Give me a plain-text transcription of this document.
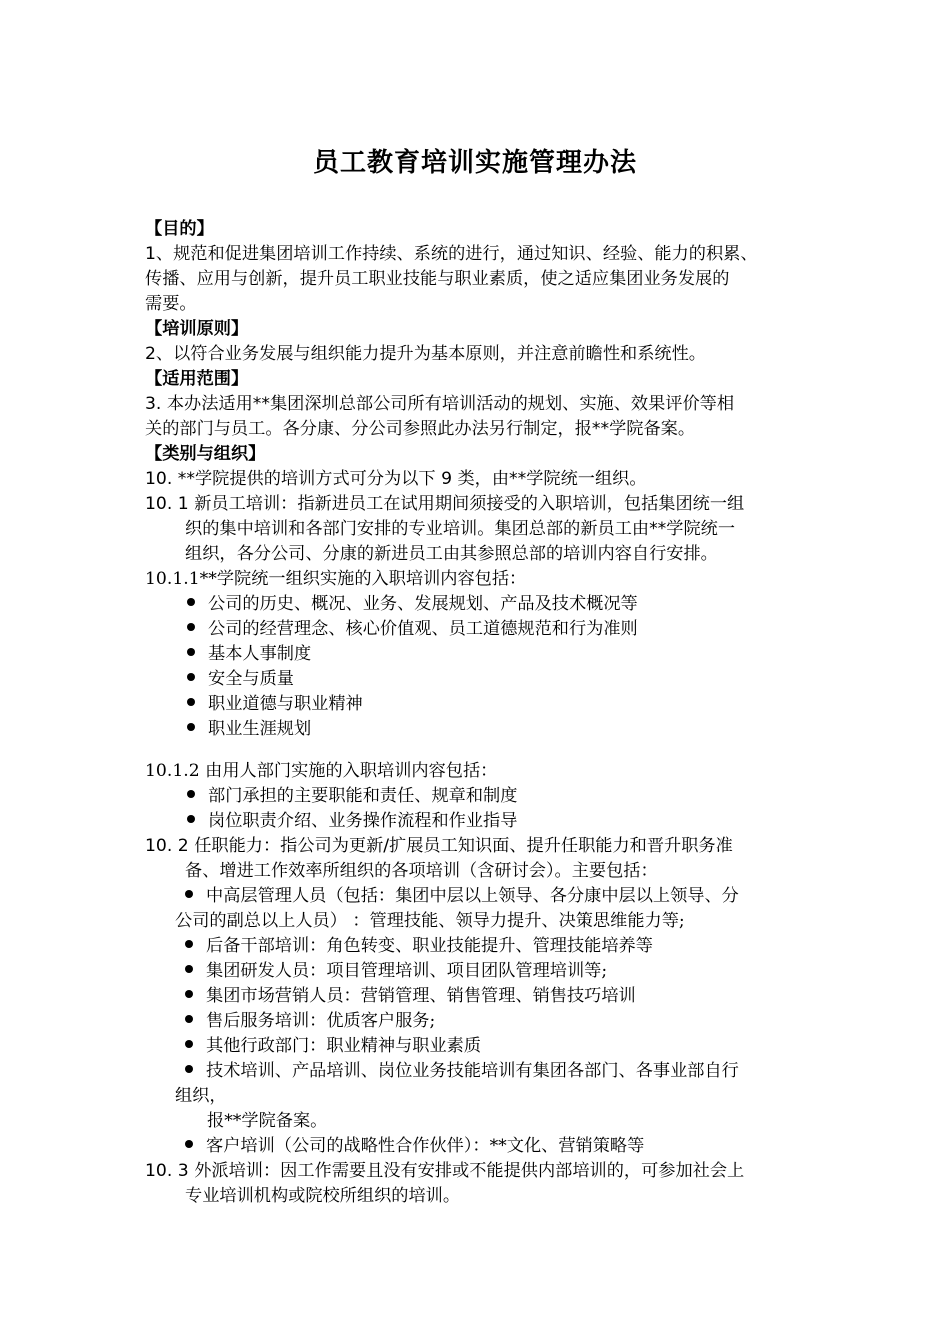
员工教育培训实施管理办法
【目的】
1、规范和促进集团培训工作持续、系统的进行，通过知识、经验、能力的积累、
传播、应用与创新，提升员工职业技能与职业素质，使之适应集团业务发展的
需要。
【培训原则】
2、以符合业务发展与组织能力提升为基本原则，并注意前瞻性和系统性。
【适用范围】
3. 本办法适用**集团深圳总部公司所有培训活动的规划、实施、效果评价等相
关的部门与员工。各分康、分公司参照此办法另行制定，报**学院备案。
【类别与组织】
10. **学院提供的培训方式可分为以下 9 类，由**学院统一组织。
10. 1 新员工培训：指新进员工在试用期间须接受的入职培训，包括集团统一组
织的集中培训和各部门安排的专业培训。集团总部的新员工由**学院统一
组织，各分公司、分康的新进员工由其参照总部的培训内容自行安排。
10.1.1**学院统一组织实施的入职培训内容包括：
公司的历史、概况、业务、发展规划、产品及技术概况等
公司的经营理念、核心价值观、员工道德规范和行为准则
基本人事制度
安全与质量
职业道德与职业精神
职业生涯规划
10.1.2 由用人部门实施的入职培训内容包括：
部门承担的主要职能和责任、规章和制度
岗位职责介绍、业务操作流程和作业指导
10. 2 任职能力：指公司为更新/扩展员工知识面、提升任职能力和晋升职务准
备、增进工作效率所组织的各项培训（含研讨会）。主要包括：
中高层管理人员（包括：集团中层以上领导、各分康中层以上领导、分
公司的副总以上人员） ：管理技能、领导力提升、决策思维能力等;
后备干部培训：角色转变、职业技能提升、管理技能培养等
集团研发人员：项目管理培训、项目团队管理培训等;
集团市场营销人员：营销管理、销售管理、销售技巧培训
售后服务培训：优质客户服务;
其他行政部门：职业精神与职业素质
技术培训、产品培训、岗位业务技能培训有集团各部门、各事业部自行
组织，
报**学院备案。
客户培训（公司的战略性合作伙伴）：**文化、营销策略等
10. 3 外派培训：因工作需要且没有安排或不能提供内部培训的，可参加社会上
专业培训机构或院校所组织的培训。
